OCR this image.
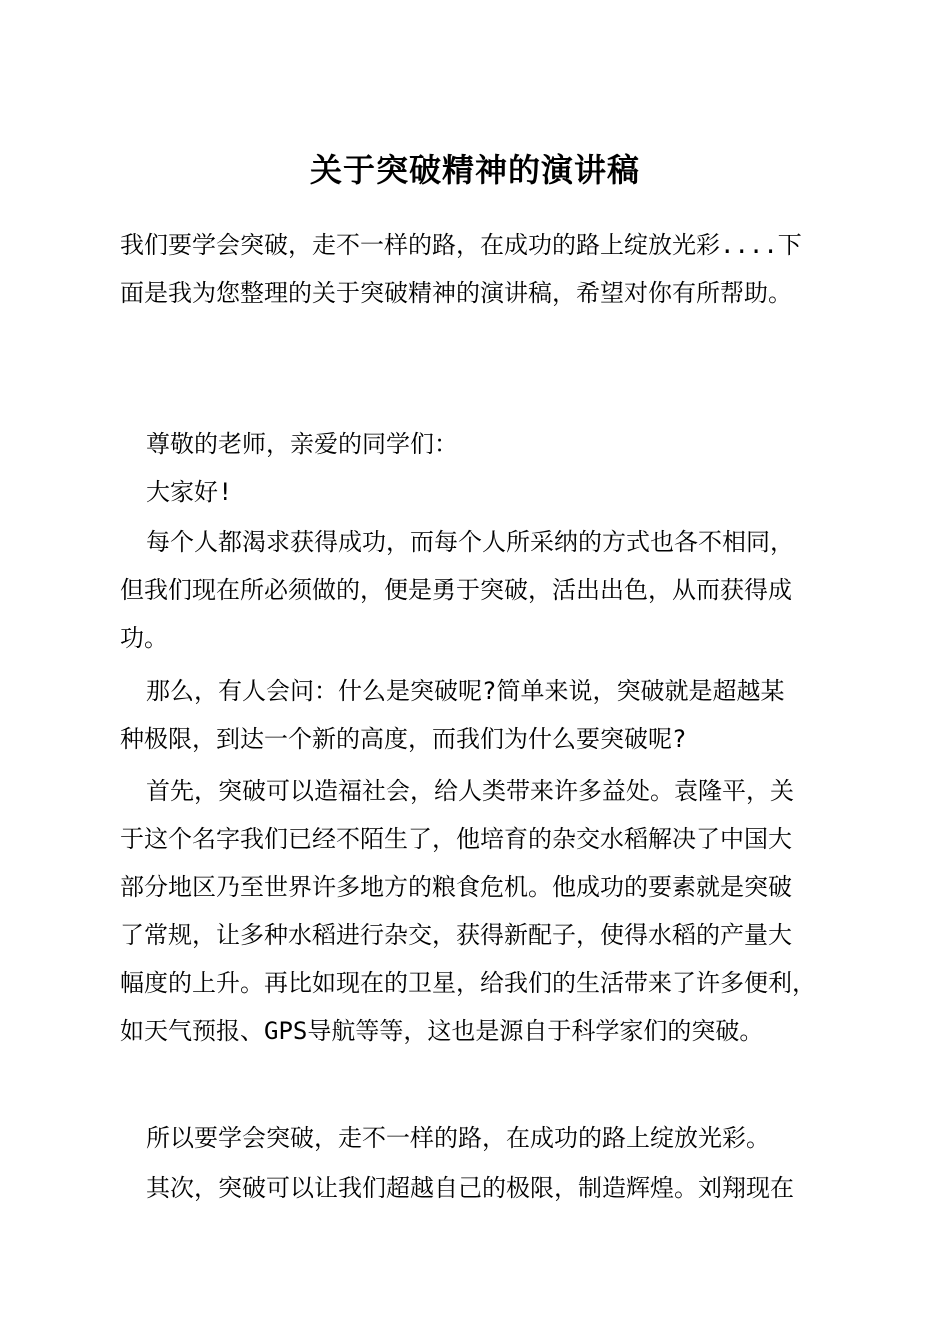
关于突破精神的演讲稿
我们要学会突破，走不一样的路，在成功的路上绽放光彩....下
面是我为您整理的关于突破精神的演讲稿，希望对你有所帮助。
尊敬的老师，亲爱的同学们：
大家好!
每个人都渴求获得成功，而每个人所采纳的方式也各不相同，
但我们现在所必须做的，便是勇于突破，活出出色，从而获得成
功。
那么，有人会问：什么是突破呢?简单来说，突破就是超越某
种极限，到达一个新的高度，而我们为什么要突破呢?
首先，突破可以造福社会，给人类带来许多益处。袁隆平，关
于这个名字我们已经不陌生了，他培育的杂交水稻解决了中国大
部分地区乃至世界许多地方的粮食危机。他成功的要素就是突破
了常规，让多种水稻进行杂交，获得新配子，使得水稻的产量大
幅度的上升。再比如现在的卫星，给我们的生活带来了许多便利，
如天气预报、GPS导航等等，这也是源自于科学家们的突破。
所以要学会突破，走不一样的路，在成功的路上绽放光彩。
其次，突破可以让我们超越自己的极限，制造辉煌。刘翔现在
